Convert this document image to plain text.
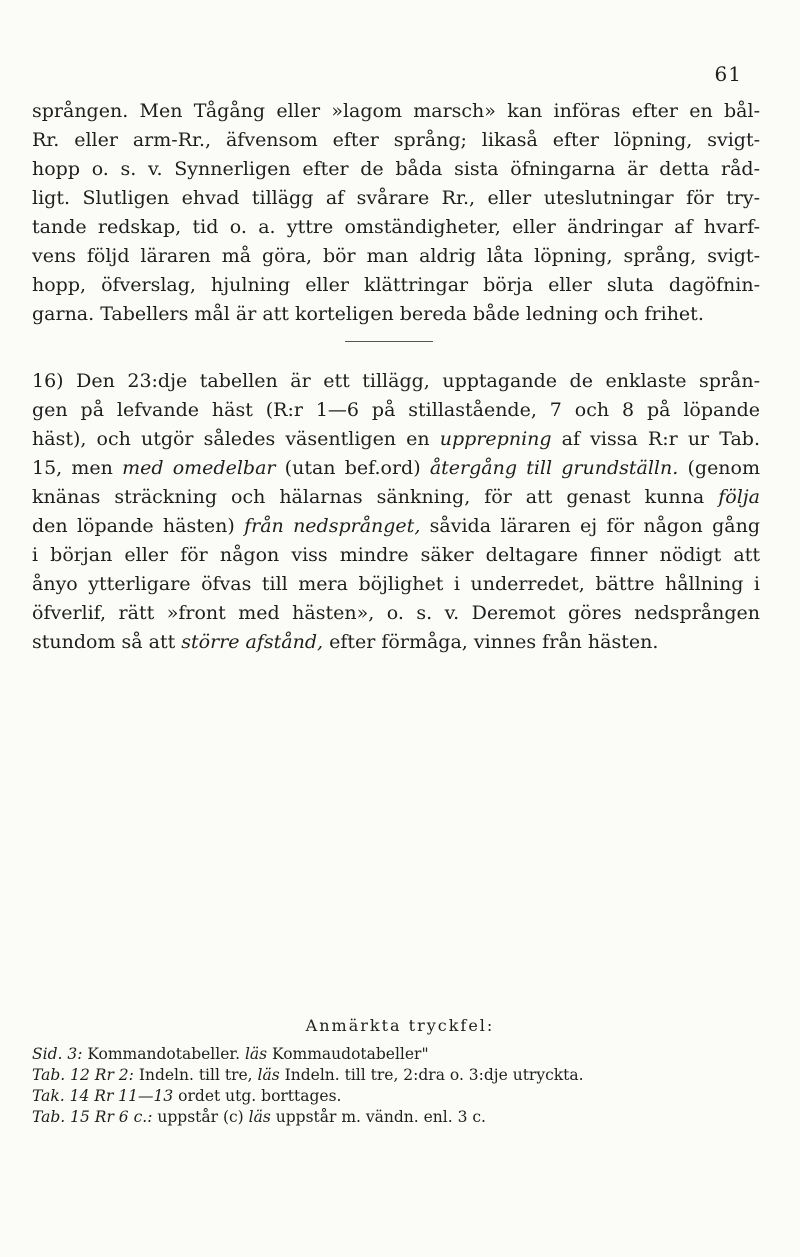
61
sprången. Men Tågång eller »lagom marsch» kan införas efter en bål-
Rr. eller arm-Rr., äfvensom efter språng; likaså efter löpning, svigt-
hopp o. s. v. Synnerligen efter de båda sista öfningarna är detta råd-
ligt. Slutligen ehvad tillägg af svårare Rr., eller uteslutningar för try-
tande redskap, tid o. a. yttre omständigheter, eller ändringar af hvarf-
vens följd läraren må göra, bör man aldrig låta löpning, språng, svigt-
hopp, öfverslag, hjulning eller klättringar börja eller sluta dagöfnin-
garna. Tabellers mål är att korteligen bereda både ledning och frihet.
16) Den 23:dje tabellen är ett tillägg, upptagande de enklaste språn-
gen på lefvande häst (R:r 1—6 på stillastående, 7 och 8 på löpande
häst), och utgör således väsentligen en upprepning af vissa R:r ur Tab.
15, men med omedelbar (utan bef.ord) återgång till grundställn. (genom
knänas sträckning och hälarnas sänkning, för att genast kunna följa
den löpande hästen) från nedsprånget, såvida läraren ej för någon gång
i början eller för någon viss mindre säker deltagare finner nödigt att
ånyo ytterligare öfvas till mera böjlighet i underredet, bättre hållning i
öfverlif, rätt »front med hästen», o. s. v. Deremot göres nedsprången
stundom så att större afstånd, efter förmåga, vinnes från hästen.
Anmärkta tryckfel:
Sid. 3: Kommandotabeller. läs Kommaudotabeller"
Tab. 12 Rr 2: Indeln. till tre, läs Indeln. till tre, 2:dra o. 3:dje utryckta.
Tak. 14 Rr 11—13 ordet utg. borttages.
Tab. 15 Rr 6 c.: uppstår (c) läs uppstår m. vändn. enl. 3 c.
